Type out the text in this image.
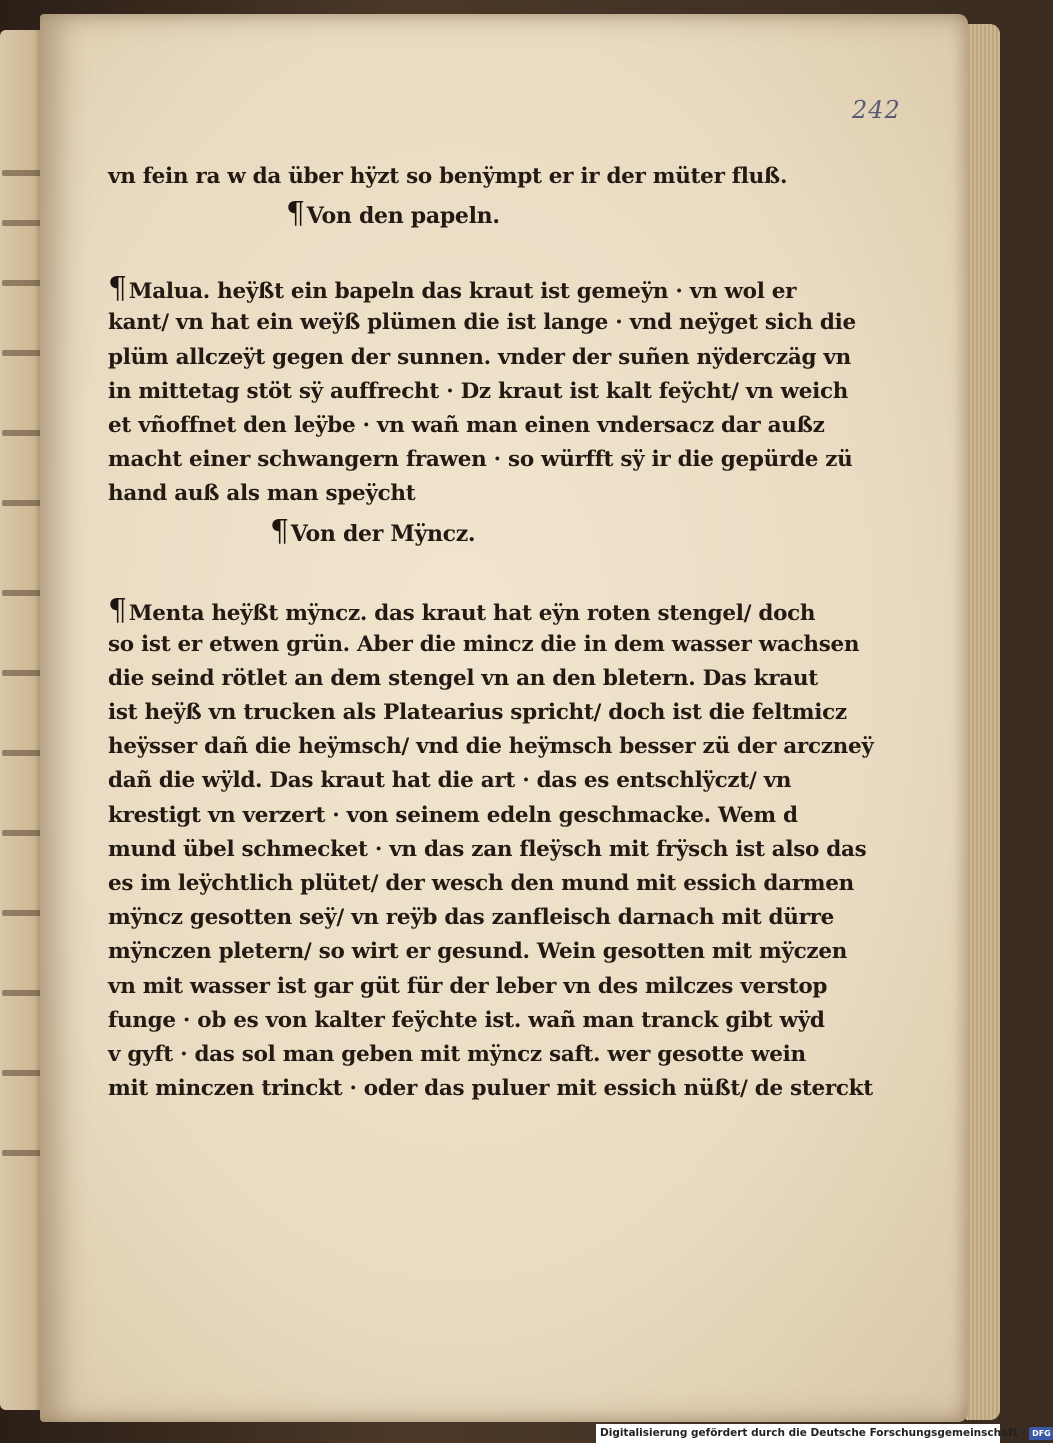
242
vn fein ra w da über hÿzt so benÿmpt er ir der müter fluß.
¶Von den papeln.
¶Malua. heÿßt ein bapeln das kraut ist gemeÿn · vn wol er
kant/ vn hat ein weÿß plümen die ist lange · vnd neÿget sich die
plüm allczeÿt gegen der sunnen. vnder der suñen nÿderczäg vn
in mittetag stöt sÿ auffrecht · Dz kraut ist kalt feÿcht/ vn weich
et vñoffnet den leÿbe · vn wañ man einen vndersacz dar außz
macht einer schwangern frawen · so würfft sÿ ir die gepürde zü
hand auß als man speÿcht
¶Von der Mÿncz.
¶Menta heÿßt mÿncz. das kraut hat eÿn roten stengel/ doch
so ist er etwen grün. Aber die mincz die in dem wasser wachsen
die seind rötlet an dem stengel vn an den bletern. Das kraut
ist heÿß vn trucken als Platearius spricht/ doch ist die feltmicz
heÿsser dañ die heÿmsch/ vnd die heÿmsch besser zü der arczneÿ
dañ die wÿld. Das kraut hat die art · das es entschlÿczt/ vn
krestigt vn verzert · von seinem edeln geschmacke. Wem d
mund übel schmecket · vn das zan fleÿsch mit frÿsch ist also das
es im leÿchtlich plütet/ der wesch den mund mit essich darmen
mÿncz gesotten seÿ/ vn reÿb das zanfleisch darnach mit dürre
mÿnczen pletern/ so wirt er gesund. Wein gesotten mit mÿczen
vn mit wasser ist gar güt für der leber vn des milczes verstop
funge · ob es von kalter feÿchte ist. wañ man tranck gibt wÿd
v gyft · das sol man geben mit mÿncz saft. wer gesotte wein
mit minczen trinckt · oder das puluer mit essich nüßt/ de sterckt
Digitalisierung gefördert durch die Deutsche Forschungsgemeinschaft · DFG
